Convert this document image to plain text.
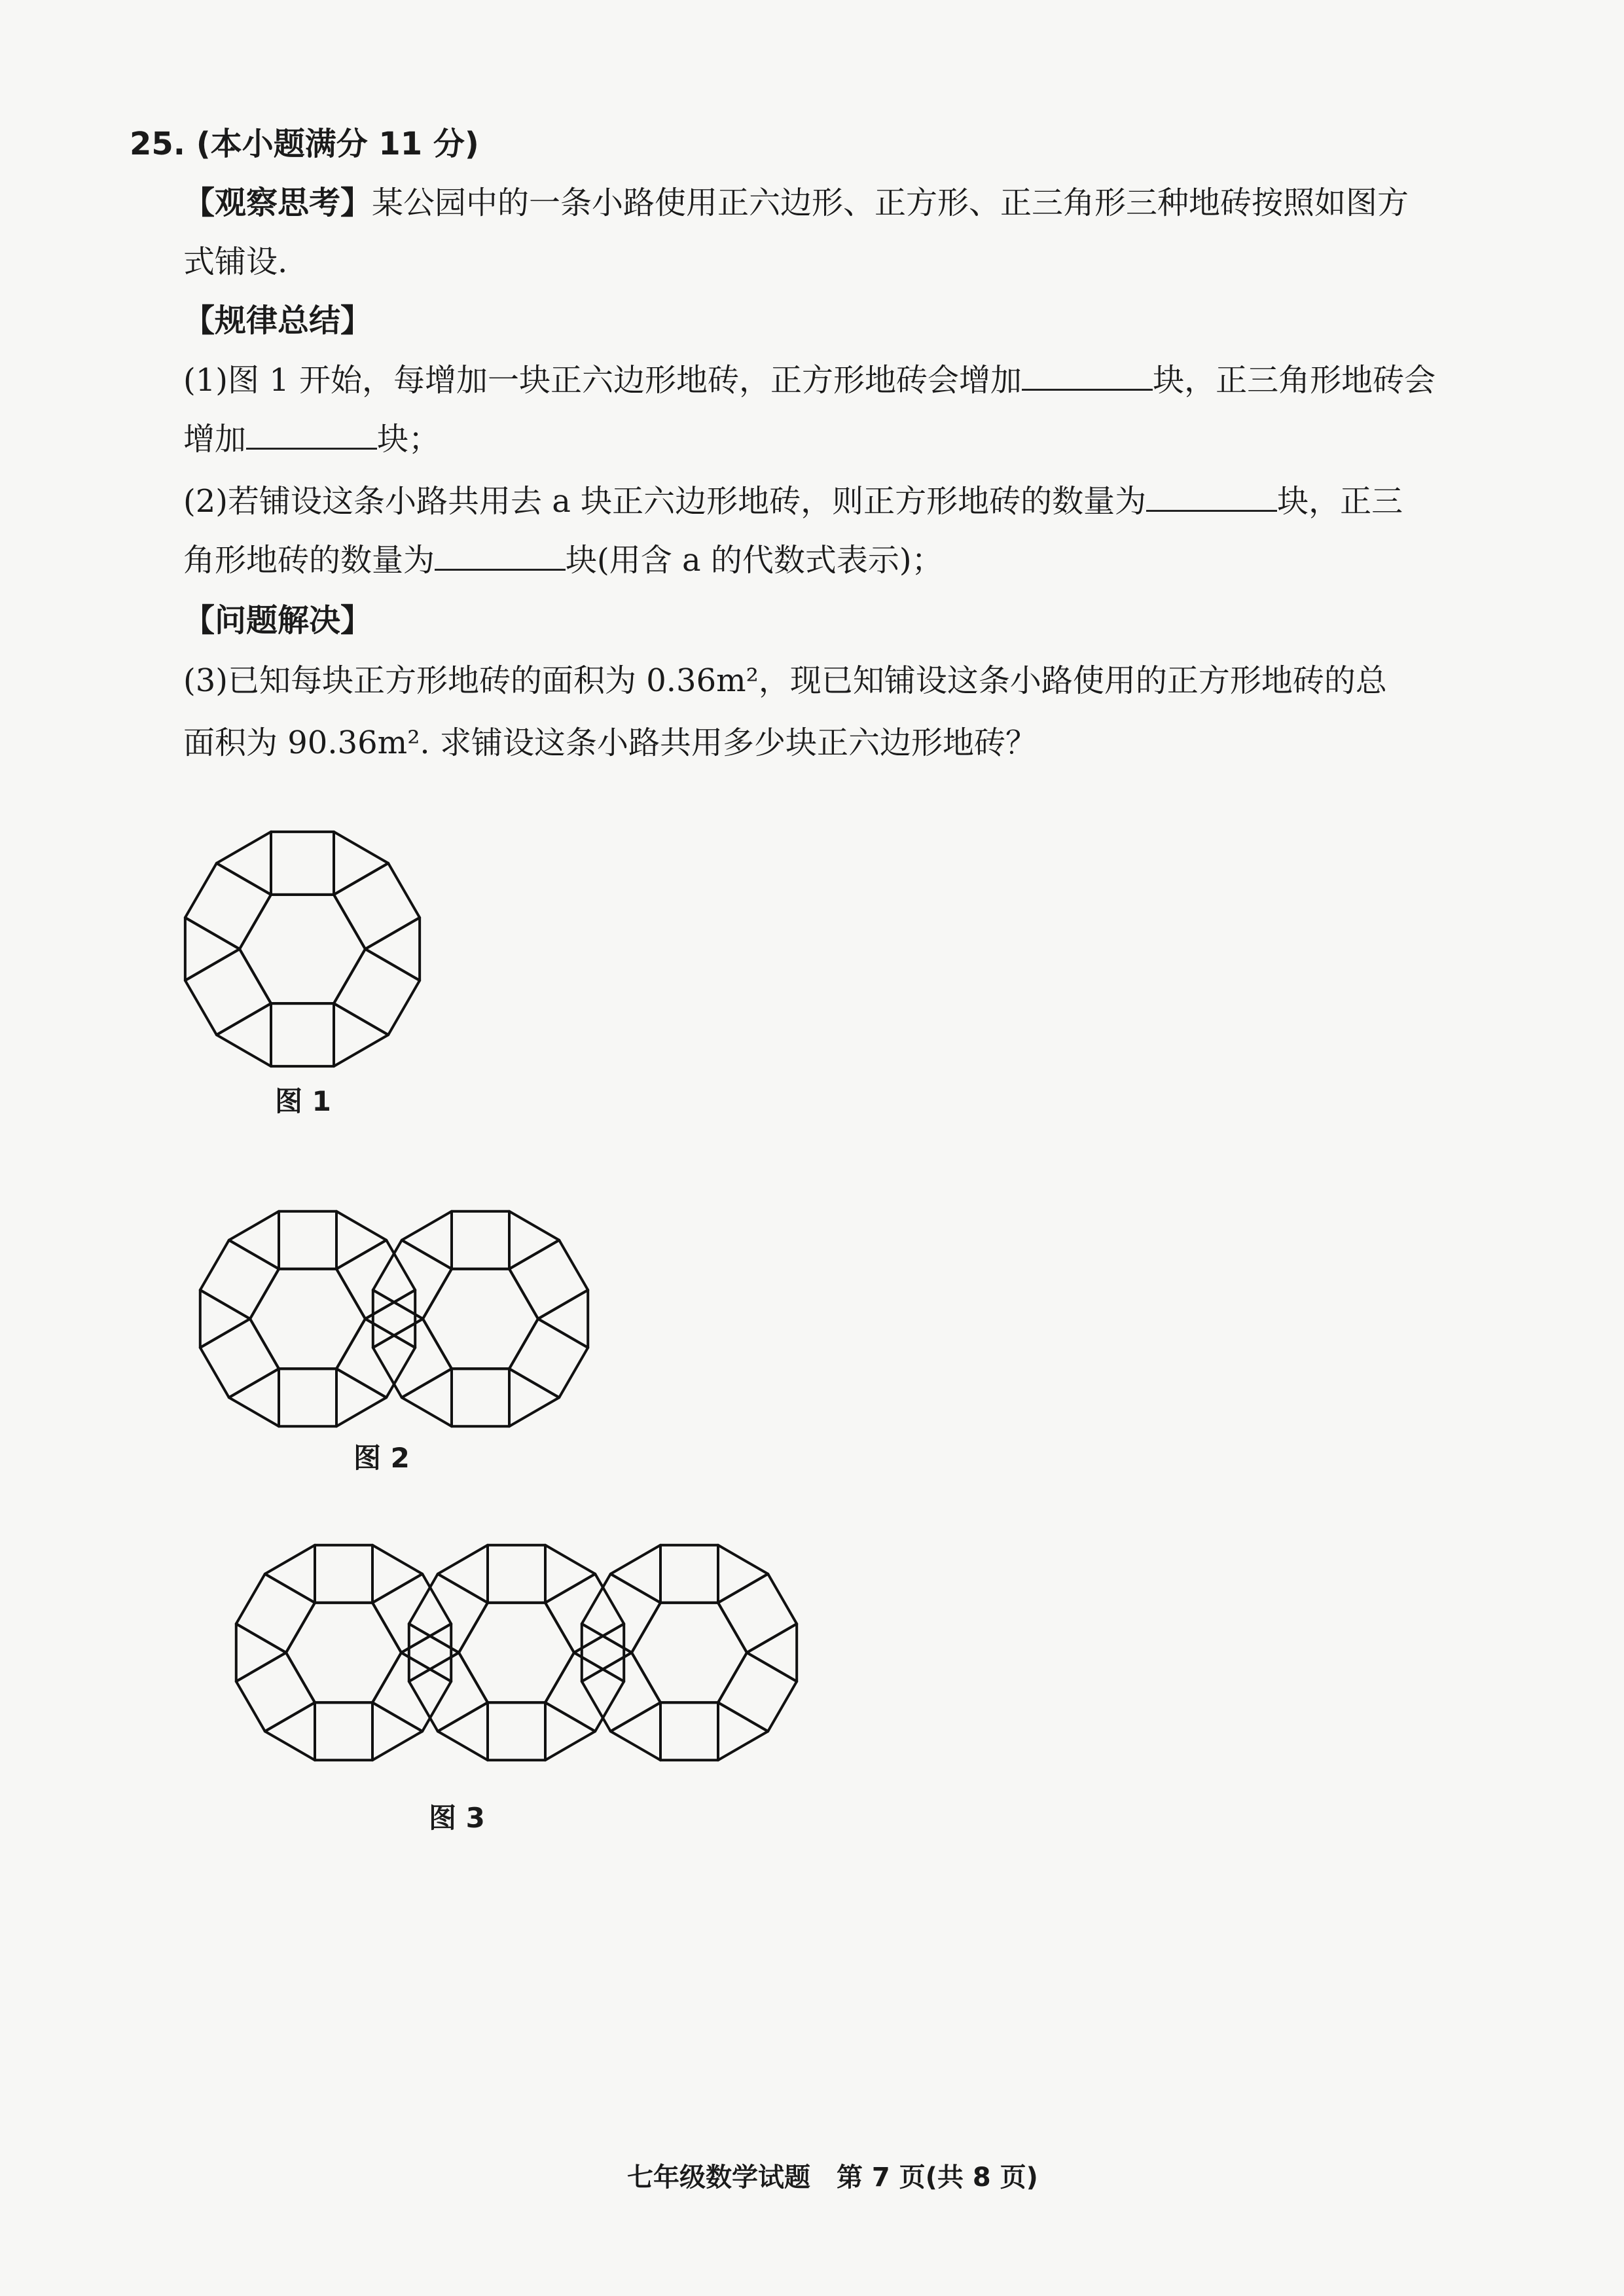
25. (本小题满分 11 分)
【观察思考】某公园中的一条小路使用正六边形、正方形、正三角形三种地砖按照如图方
式铺设.
【规律总结】
(1)图 1 开始，每增加一块正六边形地砖，正方形地砖会增加	块，正三角形地砖会
增加	块；
(2)若铺设这条小路共用去 a 块正六边形地砖，则正方形地砖的数量为	块，正三
角形地砖的数量为	块(用含 a 的代数式表示)；
【问题解决】
(3)已知每块正方形地砖的面积为 0.36m²，现已知铺设这条小路使用的正方形地砖的总
面积为 90.36m². 求铺设这条小路共用多少块正六边形地砖？
图 1
图 2
图 3
七年级数学试题　第 7 页(共 8 页)
